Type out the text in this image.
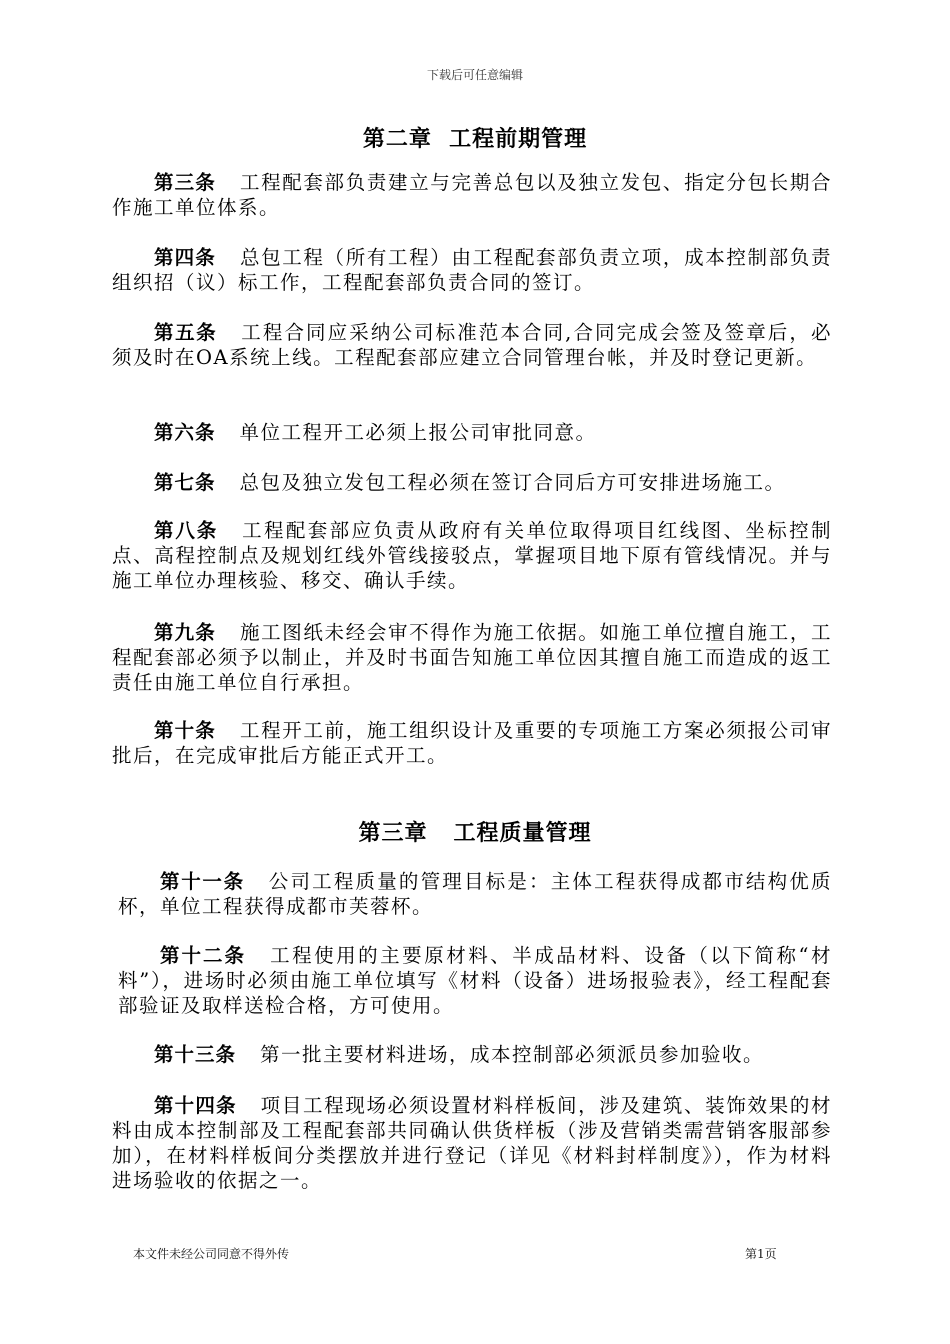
下载后可任意编辑
第二章  工程前期管理

第三条 工程配套部负责建立与完善总包以及独立发包、指定分包长期合作施工单位体系。

第四条 总包工程（所有工程）由工程配套部负责立项，成本控制部负责组织招（议）标工作，工程配套部负责合同的签订。

第五条 工程合同应采纳公司标准范本合同,合同完成会签及签章后，必须及时在OA系统上线。工程配套部应建立合同管理台帐，并及时登记更新。

第六条 单位工程开工必须上报公司审批同意。

第七条 总包及独立发包工程必须在签订合同后方可安排进场施工。

第八条 工程配套部应负责从政府有关单位取得项目红线图、坐标控制点、高程控制点及规划红线外管线接驳点，掌握项目地下原有管线情况。并与施工单位办理核验、移交、确认手续。

第九条 施工图纸未经会审不得作为施工依据。如施工单位擅自施工，工程配套部必须予以制止，并及时书面告知施工单位因其擅自施工而造成的返工责任由施工单位自行承担。

第十条 工程开工前，施工组织设计及重要的专项施工方案必须报公司审批后，在完成审批后方能正式开工。

第三章   工程质量管理

第十一条 公司工程质量的管理目标是：主体工程获得成都市结构优质杯，单位工程获得成都市芙蓉杯。

第十二条 工程使用的主要原材料、半成品材料、设备（以下简称“材料”），进场时必须由施工单位填写《材料（设备）进场报验表》，经工程配套部验证及取样送检合格，方可使用。

第十三条 第一批主要材料进场，成本控制部必须派员参加验收。

第十四条 项目工程现场必须设置材料样板间，涉及建筑、装饰效果的材料由成本控制部及工程配套部共同确认供货样板（涉及营销类需营销客服部参加），在材料样板间分类摆放并进行登记（详见《材料封样制度》），作为材料进场验收的依据之一。

本文件未经公司同意不得外传	第1页
